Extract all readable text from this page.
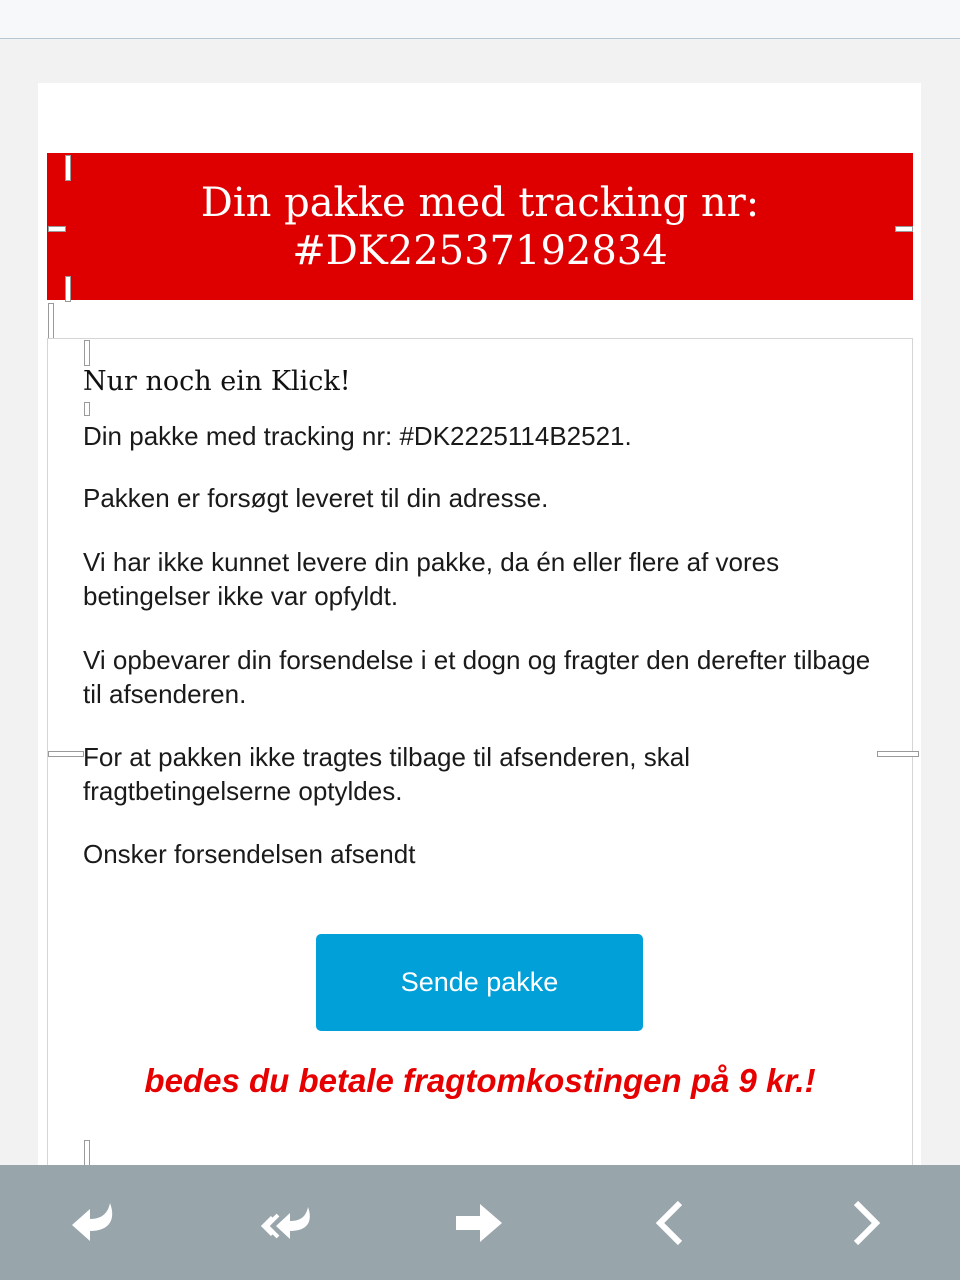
Din pakke med tracking nr:
#DK22537192834
Nur noch ein Klick!
Din pakke med tracking nr: #DK2225114B2521.
Pakken er forsøgt leveret til din adresse.
Vi har ikke kunnet levere din pakke, da én eller flere af vores betingelser ikke var opfyldt.
Vi opbevarer din forsendelse i et dogn og fragter den derefter tilbage til afsenderen.
For at pakken ikke tragtes tilbage til afsenderen, skal fragtbetingelserne optyldes.
Onsker forsendelsen afsendt
Sende pakke
bedes du betale fragtomkostingen på 9 kr.!
